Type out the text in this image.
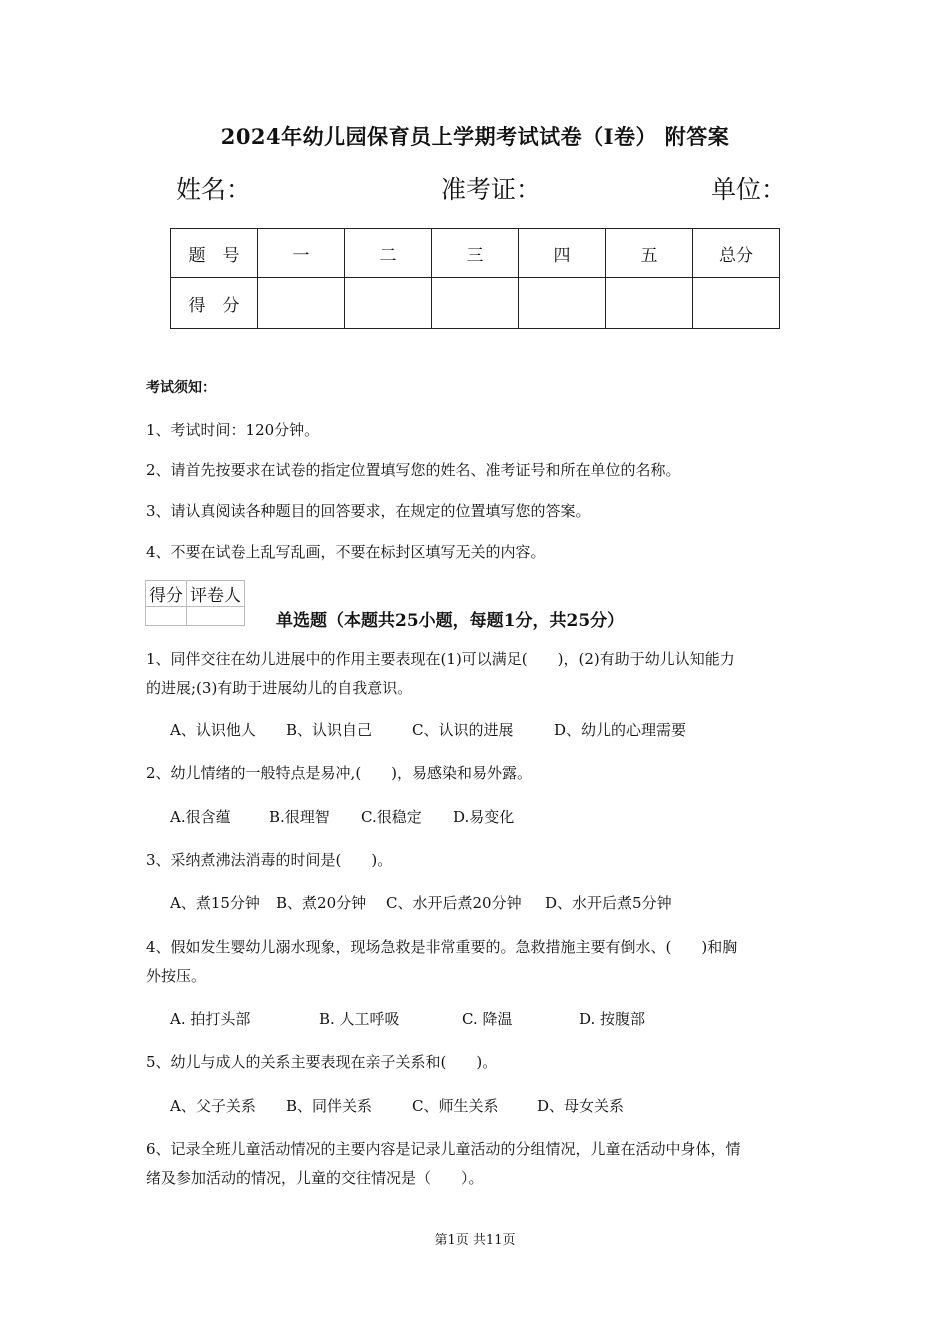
2024年幼儿园保育员上学期考试试卷（I卷） 附答案
姓名：	准考证：	单位：
题　号	一	二	三	四	五	总分
得　分						
考试须知：
1、考试时间：120分钟。
2、请首先按要求在试卷的指定位置填写您的姓名、准考证号和所在单位的名称。
3、请认真阅读各种题目的回答要求，在规定的位置填写您的答案。
4、不要在试卷上乱写乱画，不要在标封区填写无关的内容。
得分	评卷人

单选题（本题共25小题，每题1分，共25分）
1、同伴交往在幼儿进展中的作用主要表现在(1)可以满足(　　)，(2)有助于幼儿认知能力
的进展;(3)有助于进展幼儿的自我意识。
A、认识他人 B、认识自己	C、认识的进展	D、幼儿的心理需要
2、幼儿情绪的一般特点是易冲,(　　)，易感染和易外露。
A.很含蕴	B.很理智 C.很稳定 D.易变化
3、采纳煮沸法消毒的时间是(　　)。
A、煮15分钟 B、煮20分钟 C、水开后煮20分钟 D、水开后煮5分钟
4、假如发生婴幼儿溺水现象，现场急救是非常重要的。急救措施主要有倒水、(　　)和胸
外按压。
A. 拍打头部	B. 人工呼吸	C. 降温	D. 按腹部
5、幼儿与成人的关系主要表现在亲子关系和(　　)。
A、父子关系 B、同伴关系	C、师生关系	D、母女关系
6、记录全班儿童活动情况的主要内容是记录儿童活动的分组情况，儿童在活动中身体，情
绪及参加活动的情况，儿童的交往情况是（　　）。
第1页 共11页
